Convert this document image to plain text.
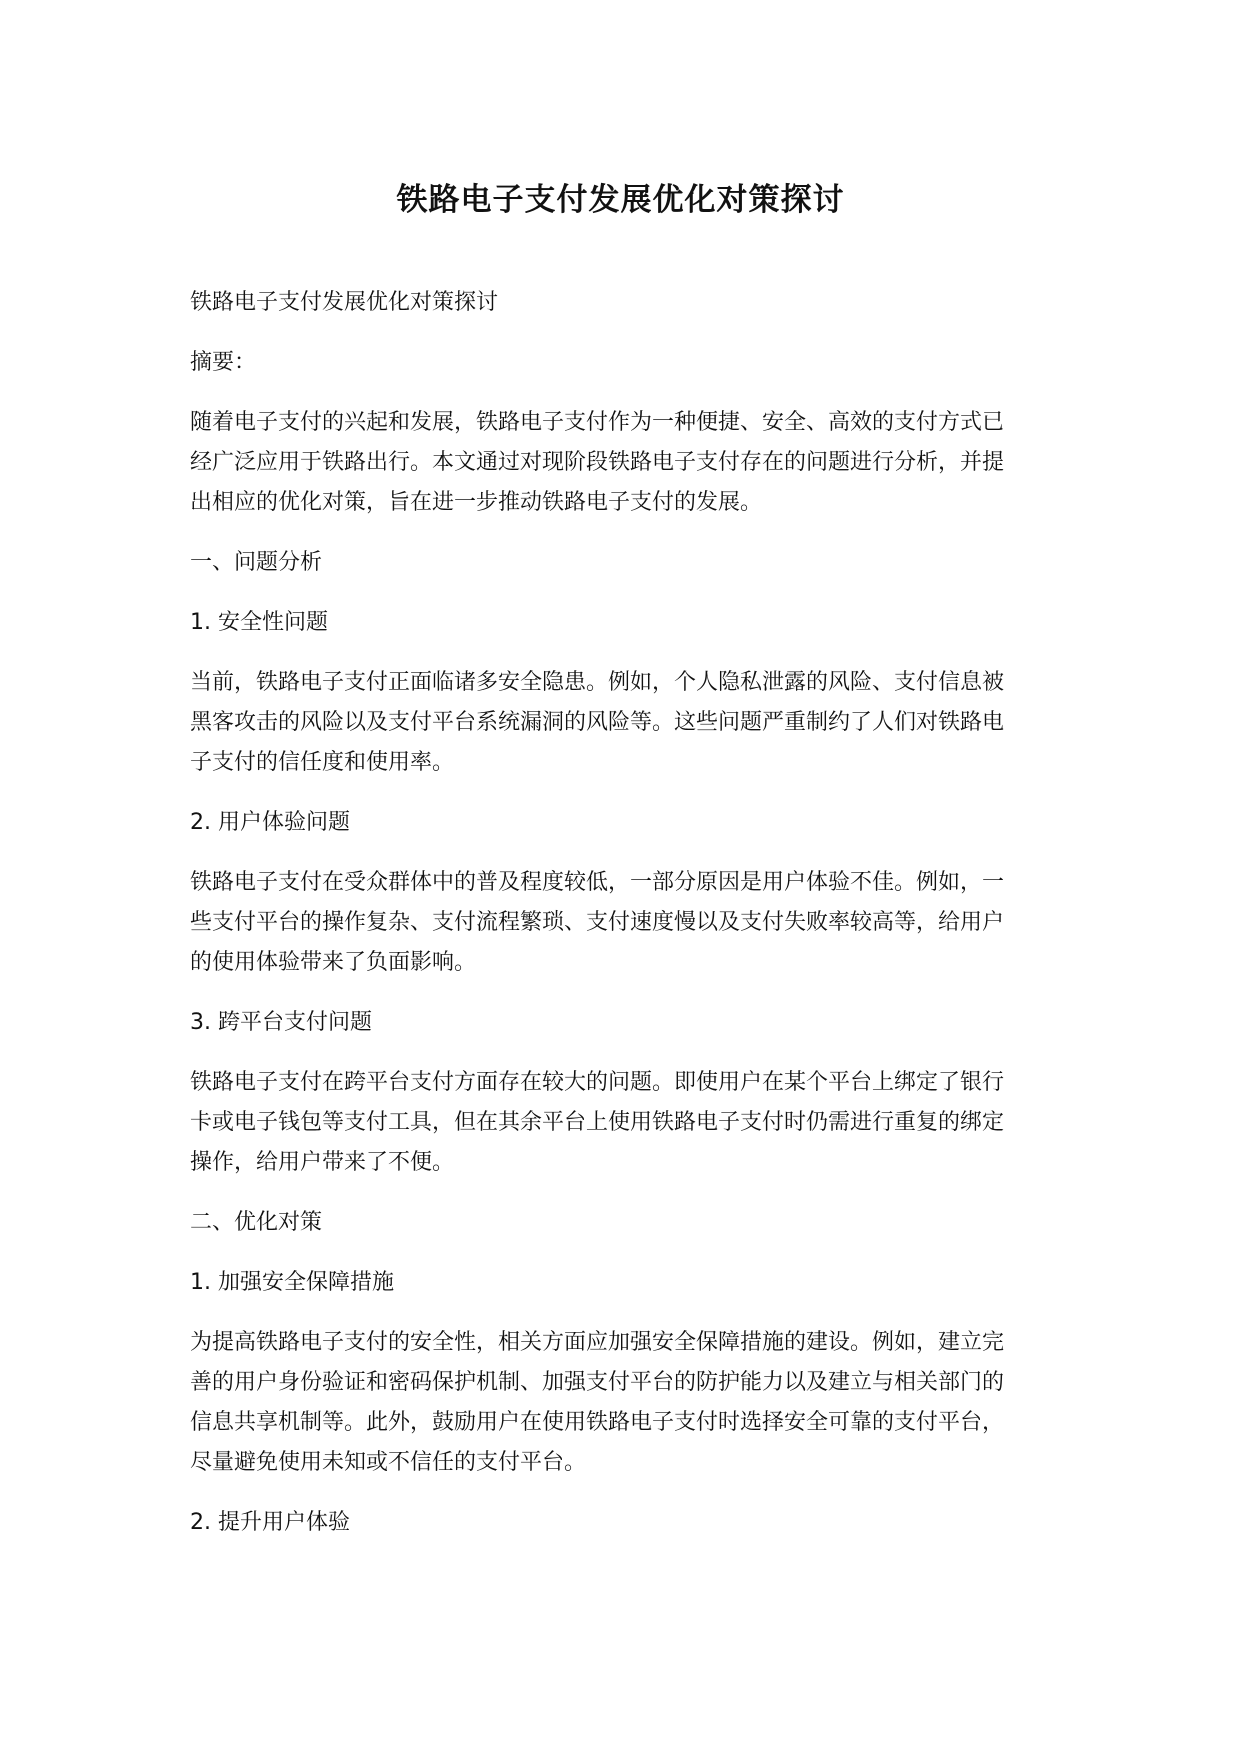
铁路电子支付发展优化对策探讨

铁路电子支付发展优化对策探讨

摘要：

随着电子支付的兴起和发展，铁路电子支付作为一种便捷、安全、高效的支付方式已

经广泛应用于铁路出行。本文通过对现阶段铁路电子支付存在的问题进行分析，并提

出相应的优化对策，旨在进一步推动铁路电子支付的发展。

一、问题分析

1. 安全性问题

当前，铁路电子支付正面临诸多安全隐患。例如，个人隐私泄露的风险、支付信息被

黑客攻击的风险以及支付平台系统漏洞的风险等。这些问题严重制约了人们对铁路电

子支付的信任度和使用率。

2. 用户体验问题

铁路电子支付在受众群体中的普及程度较低，一部分原因是用户体验不佳。例如，一

些支付平台的操作复杂、支付流程繁琐、支付速度慢以及支付失败率较高等，给用户

的使用体验带来了负面影响。

3. 跨平台支付问题

铁路电子支付在跨平台支付方面存在较大的问题。即使用户在某个平台上绑定了银行

卡或电子钱包等支付工具，但在其余平台上使用铁路电子支付时仍需进行重复的绑定

操作，给用户带来了不便。

二、优化对策

1. 加强安全保障措施

为提高铁路电子支付的安全性，相关方面应加强安全保障措施的建设。例如，建立完

善的用户身份验证和密码保护机制、加强支付平台的防护能力以及建立与相关部门的

信息共享机制等。此外，鼓励用户在使用铁路电子支付时选择安全可靠的支付平台，

尽量避免使用未知或不信任的支付平台。

2. 提升用户体验
